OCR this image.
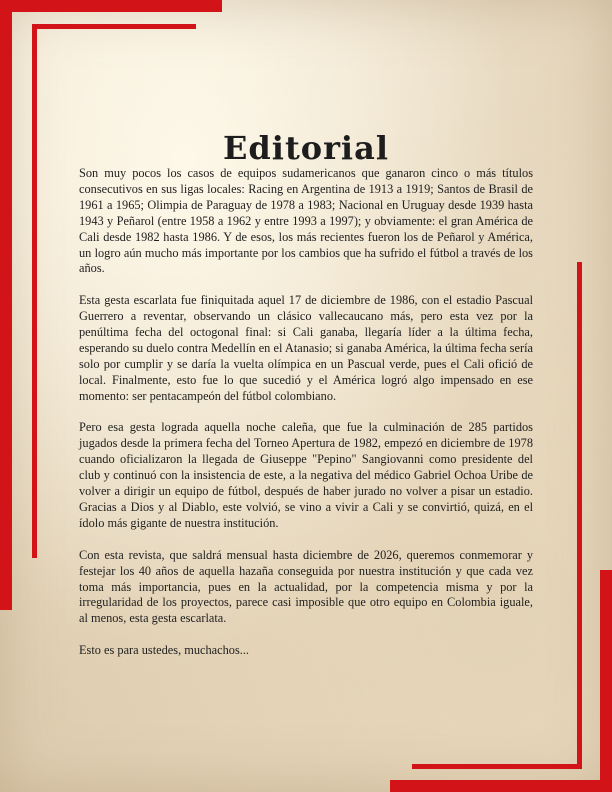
Editorial

Son muy pocos los casos de equipos sudamericanos que ganaron cinco o más títulos consecutivos en sus ligas locales: Racing en Argentina de 1913 a 1919; Santos de Brasil de 1961 a 1965; Olimpia de Paraguay de 1978 a 1983; Nacional en Uruguay desde 1939 hasta 1943 y Peñarol (entre 1958 a 1962 y entre 1993 a 1997); y obviamente: el gran América de Cali desde 1982 hasta 1986. Y de esos, los más recientes fueron los de Peñarol y América, un logro aún mucho más importante por los cambios que ha sufrido el fútbol a través de los años.

Esta gesta escarlata fue finiquitada aquel 17 de diciembre de 1986, con el estadio Pascual Guerrero a reventar, observando un clásico vallecaucano más, pero esta vez por la penúltima fecha del octogonal final: si Cali ganaba, llegaría líder a la última fecha, esperando su duelo contra Medellín en el Atanasio; si ganaba América, la última fecha sería solo por cumplir y se daría la vuelta olímpica en un Pascual verde, pues el Cali ofició de local. Finalmente, esto fue lo que sucedió y el América logró algo impensado en ese momento: ser pentacampeón del fútbol colombiano.

Pero esa gesta lograda aquella noche caleña, que fue la culminación de 285 partidos jugados desde la primera fecha del Torneo Apertura de 1982, empezó en diciembre de 1978 cuando oficializaron la llegada de Giuseppe "Pepino" Sangiovanni como presidente del club y continuó con la insistencia de este, a la negativa del médico Gabriel Ochoa Uribe de volver a dirigir un equipo de fútbol, después de haber jurado no volver a pisar un estadio. Gracias a Dios y al Diablo, este volvió, se vino a vivir a Cali y se convirtió, quizá, en el ídolo más gigante de nuestra institución.

Con esta revista, que saldrá mensual hasta diciembre de 2026, queremos conmemorar y festejar los 40 años de aquella hazaña conseguida por nuestra institución y que cada vez toma más importancia, pues en la actualidad, por la competencia misma y por la irregularidad de los proyectos, parece casi imposible que otro equipo en Colombia iguale, al menos, esta gesta escarlata.

Esto es para ustedes, muchachos...
